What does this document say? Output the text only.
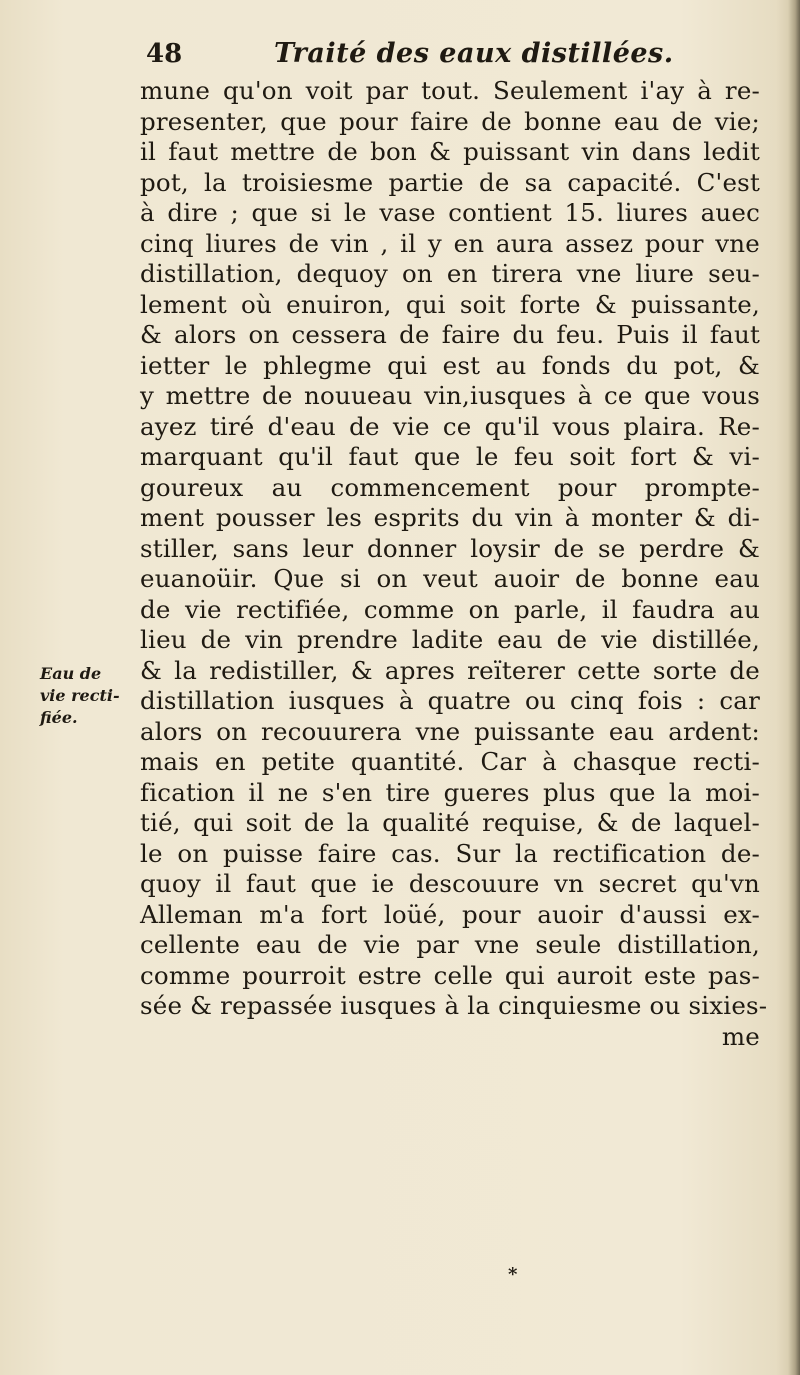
48	Traité des eaux distillées.
Eau de
vie recti-
fiée.
mune qu'on voit par tout. Seulement i'ay à re-
presenter, que pour faire de bonne eau de vie;
il faut mettre de bon & puissant vin dans ledit
pot, la troisiesme partie de sa capacité. C'est
à dire ; que si le vase contient 15. liures auec
cinq liures de vin , il y en aura assez pour vne
distillation, dequoy on en tirera vne liure seu-
lement où enuiron, qui soit forte & puissante,
& alors on cessera de faire du feu. Puis il faut
ietter le phlegme qui est au fonds du pot, &
y mettre de nouueau vin,iusques à ce que vous
ayez tiré d'eau de vie ce qu'il vous plaira. Re-
marquant qu'il faut que le feu soit fort & vi-
goureux au commencement pour prompte-
ment pousser les esprits du vin à monter & di-
stiller, sans leur donner loysir de se perdre &
euanoüir. Que si on veut auoir de bonne eau
de vie rectifiée, comme on parle, il faudra au
lieu de vin prendre ladite eau de vie distillée,
& la redistiller, & apres reïterer cette sorte de
distillation iusques à quatre ou cinq fois : car
alors on recouurera vne puissante eau ardent:
mais en petite quantité. Car à chasque recti-
fication il ne s'en tire gueres plus que la moi-
tié, qui soit de la qualité requise, & de laquel-
le on puisse faire cas. Sur la rectification de-
quoy il faut que ie descouure vn secret qu'vn
Alleman m'a fort loüé, pour auoir d'aussi ex-
cellente eau de vie par vne seule distillation,
comme pourroit estre celle qui auroit este pas-
sée & repassée iusques à la cinquiesme ou sixies-
me
*
